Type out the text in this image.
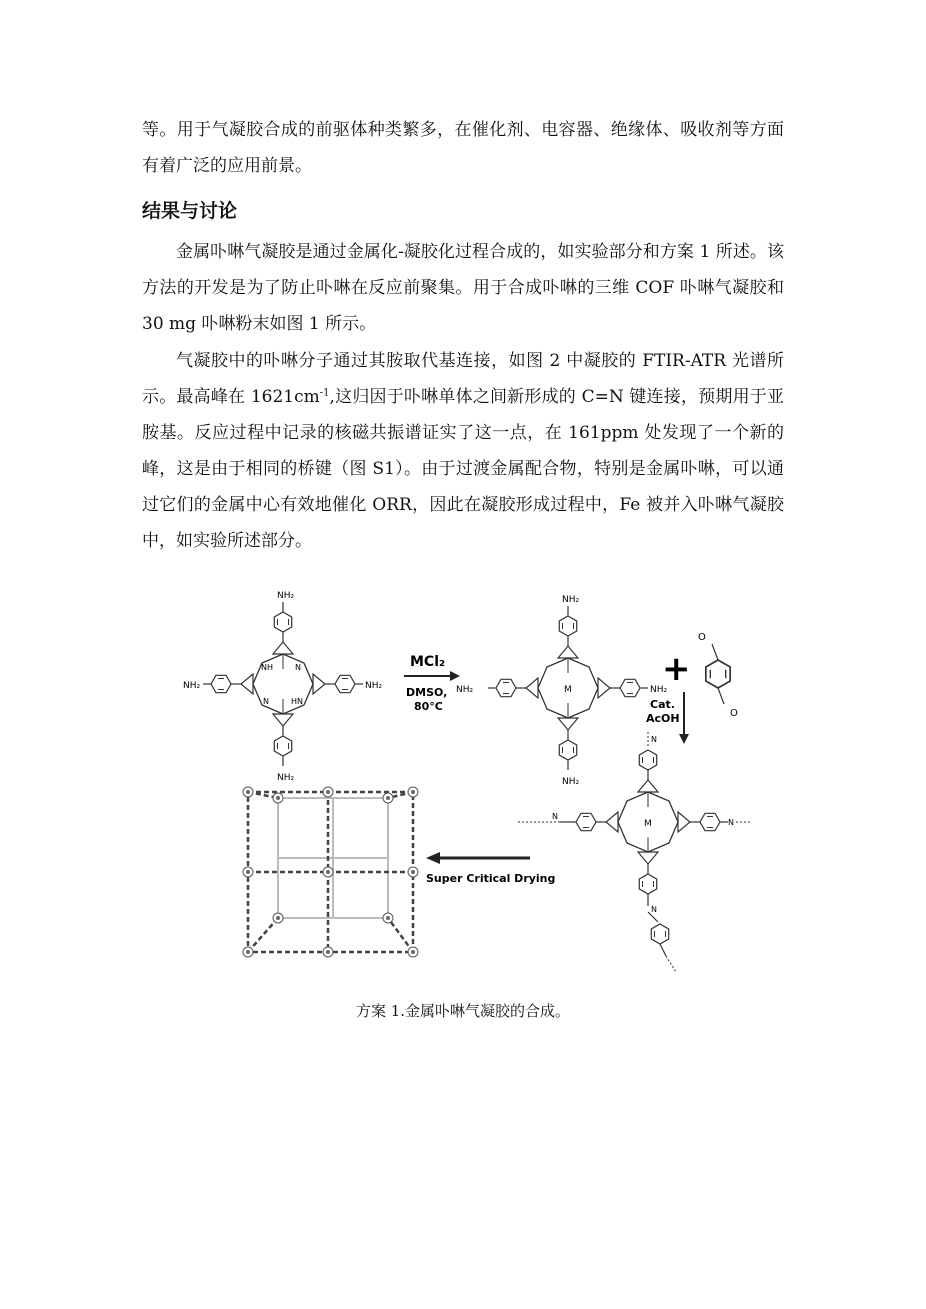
等。用于气凝胶合成的前驱体种类繁多，在催化剂、电容器、绝缘体、吸收剂等方面有着广泛的应用前景。

结果与讨论

金属卟啉气凝胶是通过金属化-凝胶化过程合成的，如实验部分和方案 1 所述。该方法的开发是为了防止卟啉在反应前聚集。用于合成卟啉的三维 COF 卟啉气凝胶和 30 mg 卟啉粉末如图 1 所示。

气凝胶中的卟啉分子通过其胺取代基连接，如图 2 中凝胶的 FTIR-ATR 光谱所示。最高峰在 $1621cm^{-1}$,这归因于卟啉单体之间新形成的 C=N 键连接，预期用于亚胺基。反应过程中记录的核磁共振谱证实了这一点，在 161ppm 处发现了一个新的峰，这是由于相同的桥键（图 S1）。由于过渡金属配合物，特别是金属卟啉，可以通过它们的金属中心有效地催化 ORR，因此在凝胶形成过程中，Fe 被并入卟啉气凝胶中，如实验所述部分。

NH₂
NH₂
NH₂	NH₂
NH	N
N	HN
MCl₂
DMSO,
80°C
M
NH₂
NH₂
NH₂	NH₂
+
O
O
Cat.
AcOH
N
M
N
N
N
Super Critical Drying

方案 1.金属卟啉气凝胶的合成。
